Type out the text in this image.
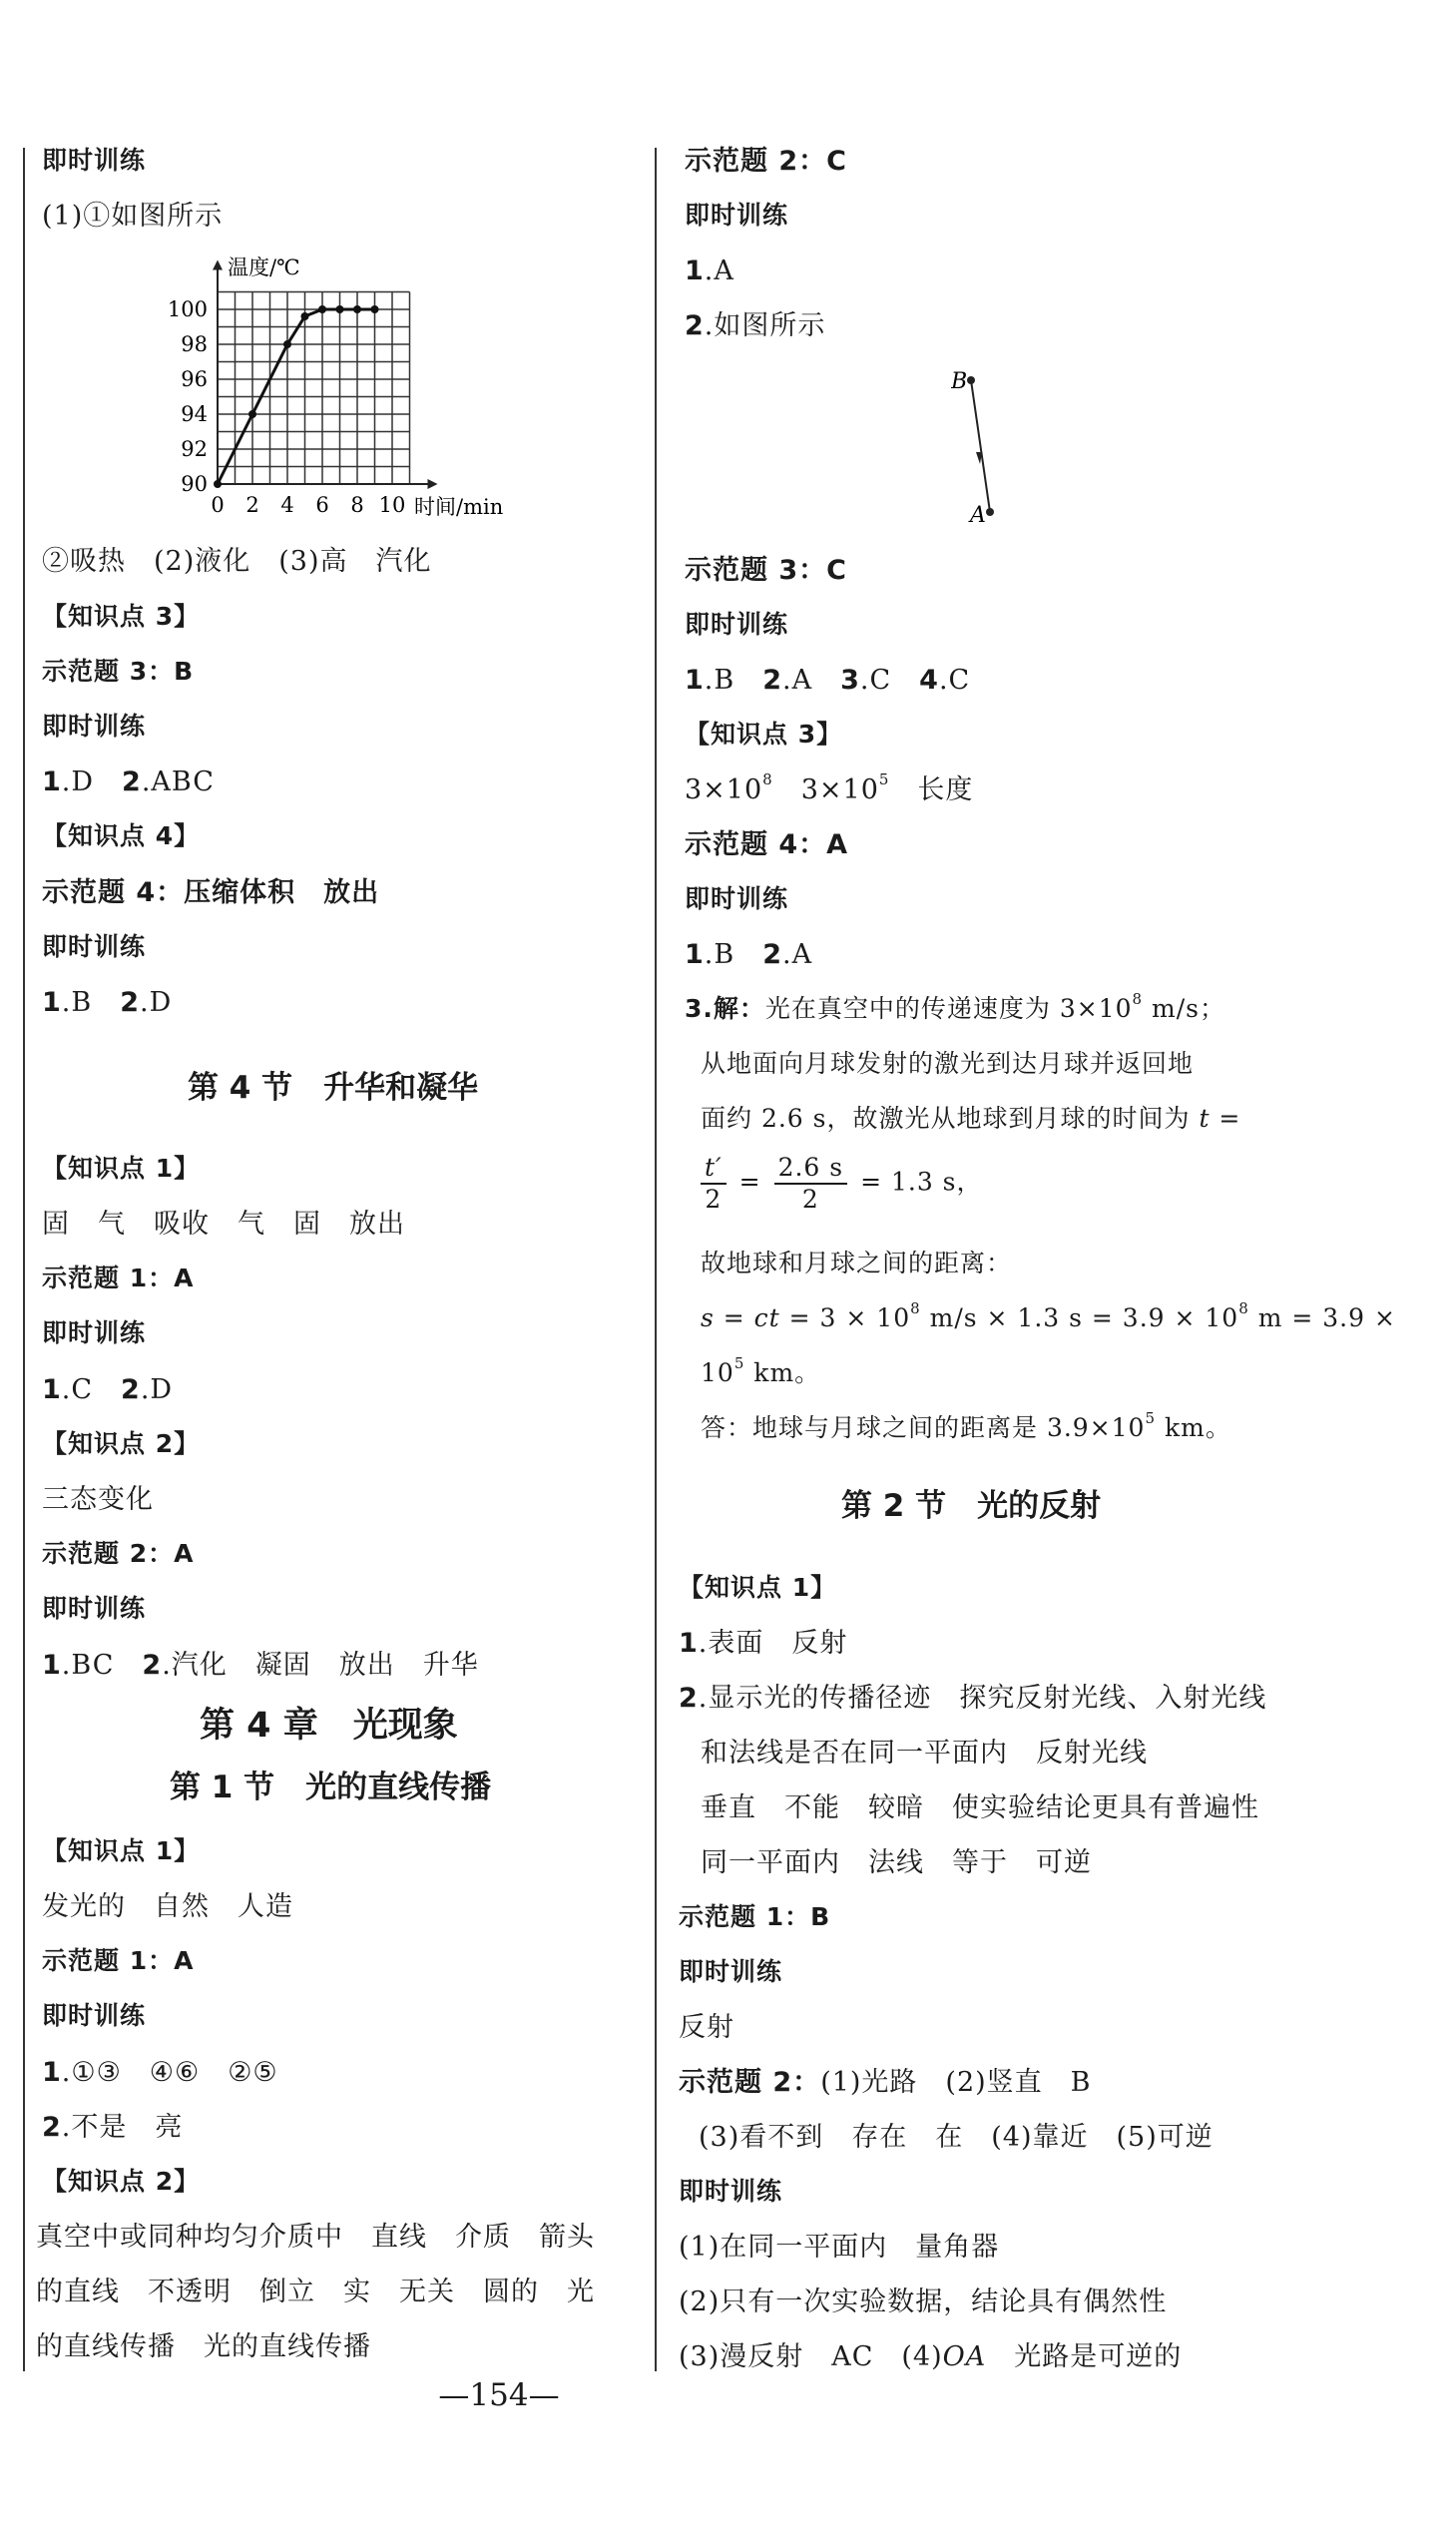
即时训练
(1)①如图所示
0 2 4 6 8 10
90
92
94
96
98
100
温度/℃
时间/min
②吸热　(2)液化　(3)高　汽化
【知识点 3】
示范题 3：B
即时训练
1.D　2.ABC
【知识点 4】
示范题 4：压缩体积　放出
即时训练
1.B　2.D
第 4 节　升华和凝华
【知识点 1】
固　气　吸收　气　固　放出
示范题 1：A
即时训练
1.C　2.D
【知识点 2】
三态变化
示范题 2：A
即时训练
1.BC　2.汽化　凝固　放出　升华
第 4 章　光现象
第 1 节　光的直线传播
【知识点 1】
发光的　自然　人造
示范题 1：A
即时训练
1.①③　④⑥　②⑤
2.不是　亮
【知识点 2】
真空中或同种均匀介质中　直线　介质　箭头
的直线　不透明　倒立　实　无关　圆的　光
的直线传播　光的直线传播
示范题 2：C
即时训练
1.A
2.如图所示
B
A
示范题 3：C
即时训练
1.B　2.A　3.C　4.C
【知识点 3】
$3\times 10^8$　$3\times 10^5$　长度
示范题 4：A
即时训练
1.B　2.A
3.解：光在真空中的传递速度为 $3\times 10^8$ m/s；
从地面向月球发射的激光到达月球并返回地
面约 2.6 s，故激光从地球到月球的时间为 t =
$\frac{t'}{2} = \frac{2.6 s}{2} = 1.3$ s，
故地球和月球之间的距离：
s = ct = $3 \times 10^8$ m/s × 1.3 $s = 3.9 \times 10^8$ m = 3.9 ×
$10^5$ km。
答：地球与月球之间的距离是 $3.9\times 10^5$ km。
第 2 节　光的反射
【知识点 1】
1.表面　反射
2.显示光的传播径迹　探究反射光线、入射光线
和法线是否在同一平面内　反射光线
垂直　不能　较暗　使实验结论更具有普遍性
同一平面内　法线　等于　可逆
示范题 1：B
即时训练
反射
示范题 2：(1)光路　(2)竖直　B
(3)看不到　存在　在　(4)靠近　(5)可逆
即时训练
(1)在同一平面内　量角器
(2)只有一次实验数据，结论具有偶然性
(3)漫反射　AC　(4)OA　光路是可逆的
—154—
